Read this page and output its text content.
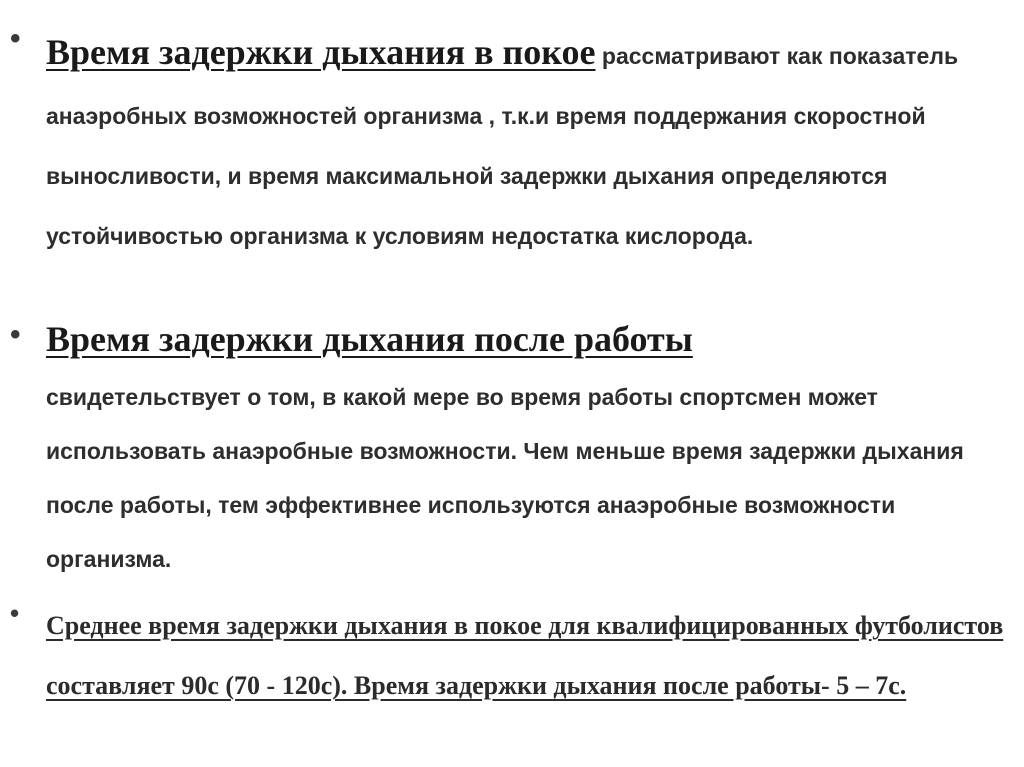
• Время задержки дыхания в покое рассматривают как показатель анаэробных возможностей организма , т.к.и время поддержания скоростной выносливости, и время максимальной задержки дыхания определяются устойчивостью организма к условиям недостатка кислорода.
• Время задержки дыхания после работы
свидетельствует о том, в какой мере во время работы спортсмен может использовать анаэробные возможности. Чем меньше время задержки дыхания после работы, тем эффективнее используются анаэробные возможности организма.
• Среднее время задержки дыхания в покое для квалифицированных футболистов составляет 90с (70 - 120с). Время задержки дыхания после работы- 5 – 7с.
